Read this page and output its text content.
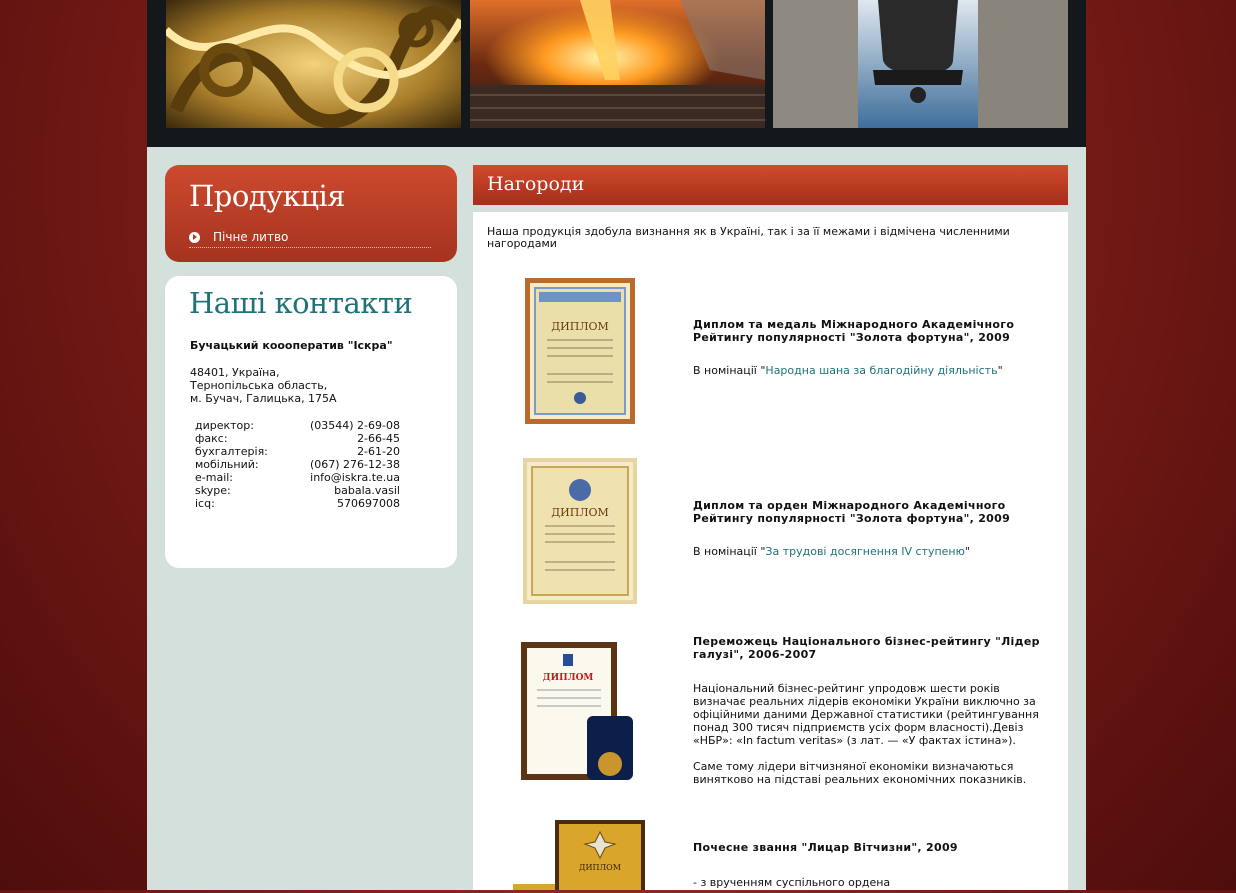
Продукція
Пічне литво
Наші контакти
Бучацький коооператив "Іскра"
48401, Україна,
Тернопільська область,
м. Бучач, Галицька, 175А
директор:	(03544) 2-69-08
факс:	2-66-45
бухгалтерія:	2-61-20
мобільний:	(067) 276-12-38
e-mail:	info@iskra.te.ua
skype:	babala.vasil
icq:	570697008
Нагороди
Наша продукція здобула визнання як в Україні, так і за її межами і відмічена численними нагородами
ДИПЛОМ	Диплом та медаль Міжнародного Академічного Рейтингу популярності "Золота фортуна", 2009
В номінації "Народна шана за благодійну діяльність"
ДИПЛОМ
Диплом та орден Міжнародного Академічного Рейтингу популярності "Золота фортуна", 2009
В номінації "За трудові досягнення IV ступеню"
ДИПЛОМ
Переможець Національного бізнес-рейтингу "Лідер галузі", 2006-2007
Національний бізнес-рейтинг упродовж шести років визначає реальних лідерів економіки України виключно за офіційними даними Державної статистики (рейтингування понад 300 тисяч підприємств усіх форм власності).Девіз «НБР»: «In factum veritas» (з лат. — «У фактах істина»).
Саме тому лідери вітчизняної економіки визначаються винятково на підставі реальних економічних показників.
ДИПЛОМ
Почесне звання "Лицар Вітчизни", 2009
- з врученням суспільного ордена
